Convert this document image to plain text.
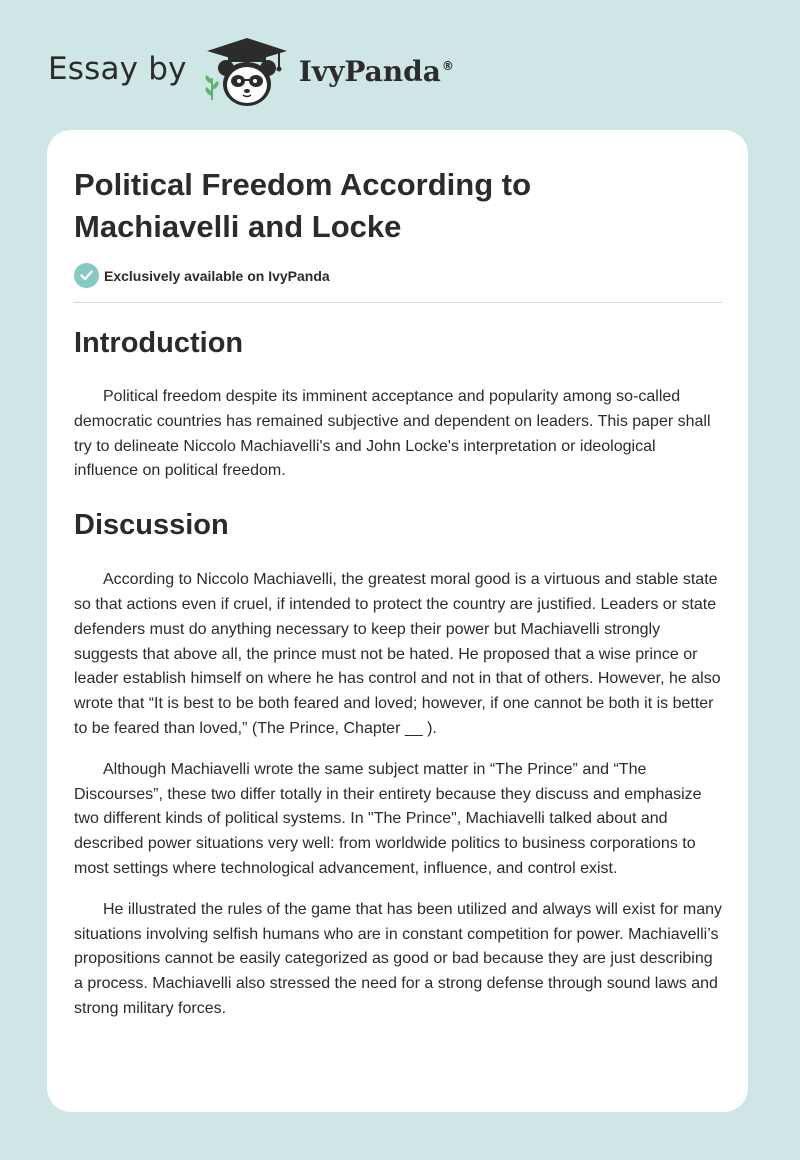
Essay by	IvyPanda®
Political Freedom According to Machiavelli and Locke
Exclusively available on IvyPanda
Introduction

Political freedom despite its imminent acceptance and popularity among so-called democratic countries has remained subjective and dependent on leaders. This paper shall try to delineate Niccolo Machiavelli's and John Locke's interpretation or ideological influence on political freedom.

Discussion

According to Niccolo Machiavelli, the greatest moral good is a virtuous and stable state so that actions even if cruel, if intended to protect the country are justified. Leaders or state defenders must do anything necessary to keep their power but Machiavelli strongly suggests that above all, the prince must not be hated. He proposed that a wise prince or leader establish himself on where he has control and not in that of others. However, he also wrote that “It is best to be both feared and loved; however, if one cannot be both it is better to be feared than loved,” (The Prince, Chapter __ ).

Although Machiavelli wrote the same subject matter in “The Prince” and “The Discourses”, these two differ totally in their entirety because they discuss and emphasize two different kinds of political systems. In "The Prince", Machiavelli talked about and described power situations very well: from worldwide politics to business corporations to most settings where technological advancement, influence, and control exist.

He illustrated the rules of the game that has been utilized and always will exist for many situations involving selfish humans who are in constant competition for power. Machiavelli’s propositions cannot be easily categorized as good or bad because they are just describing a process. Machiavelli also stressed the need for a strong defense through sound laws and strong military forces.
